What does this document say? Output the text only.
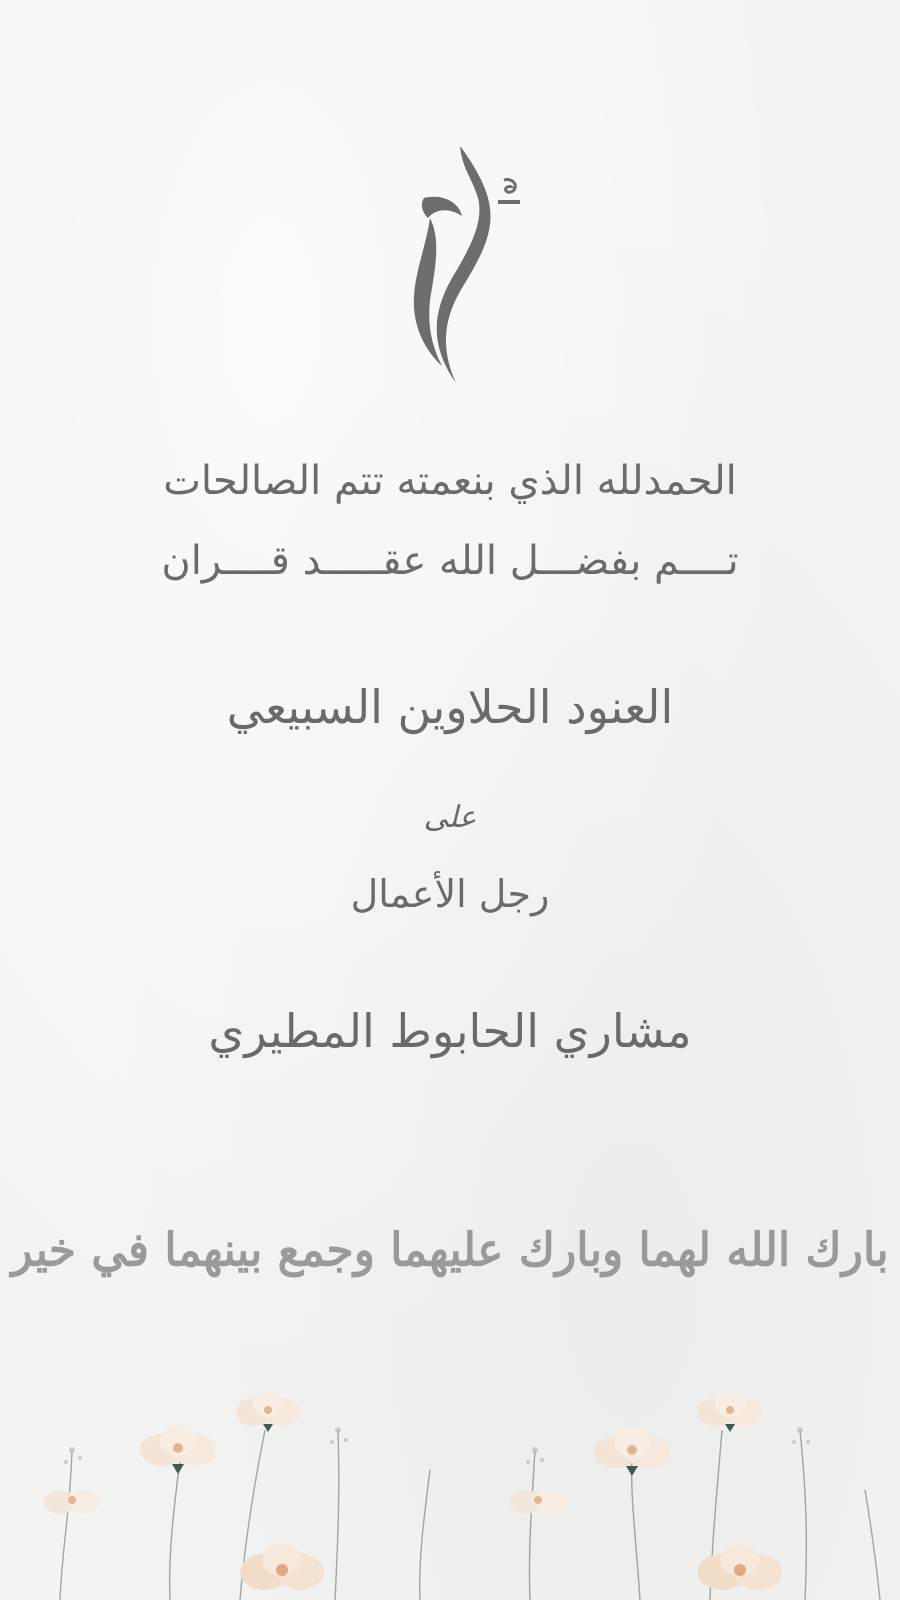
الحمدلله الذي بنعمته تتم الصالحات
تــــم بفضـــل الله عقـــــد قــــران
العنود الحلاوين السبيعي
على
رجل الأعمال
مشاري الحابوط المطيري
بارك الله لهما وبارك عليهما وجمع بينهما في خير
